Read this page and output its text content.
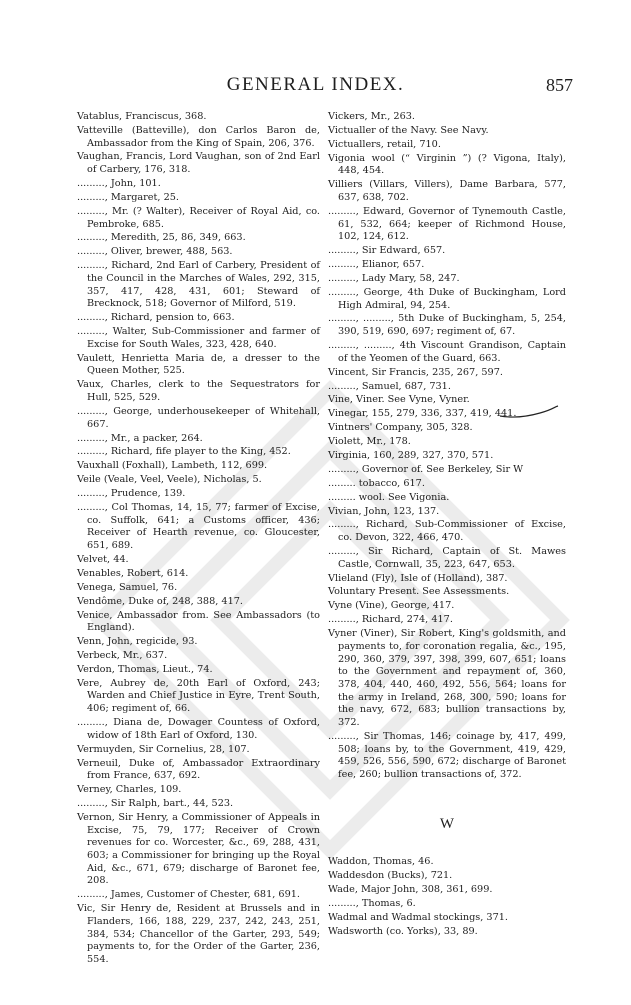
GENERAL INDEX.	857
Vatablus, Franciscus, 368.
Vatteville (Batteville), don Carlos Baron de, Ambassador from the King of Spain, 206, 376.
Vaughan, Francis, Lord Vaughan, son of 2nd Earl of Carbery, 176, 318.
........., John, 101.
........., Margaret, 25.
........., Mr. (? Walter), Receiver of Royal Aid, co. Pembroke, 685.
........., Meredith, 25, 86, 349, 663.
........., Oliver, brewer, 488, 563.
........., Richard, 2nd Earl of Carbery, President of the Council in the Marches of Wales, 292, 315, 357, 417, 428, 431, 601; Steward of Brecknock, 518; Governor of Milford, 519.
........., Richard, pension to, 663.
........., Walter, Sub-Commissioner and farmer of Excise for South Wales, 323, 428, 640.
Vaulett, Henrietta Maria de, a dresser to the Queen Mother, 525.
Vaux, Charles, clerk to the Sequestrators for Hull, 525, 529.
........., George, underhousekeeper of Whitehall, 667.
........., Mr., a packer, 264.
........., Richard, fife player to the King, 452.
Vauxhall (Foxhall), Lambeth, 112, 699.
Veile (Veale, Veel, Veele), Nicholas, 5.
........., Prudence, 139.
........., Col Thomas, 14, 15, 77; farmer of Excise, co. Suffolk, 641; a Customs officer, 436; Receiver of Hearth revenue, co. Gloucester, 651, 689.
Velvet, 44.
Venables, Robert, 614.
Venega, Samuel, 76.
Vendôme, Duke of, 248, 388, 417.
Venice, Ambassador from. See Ambassadors (to England).
Venn, John, regicide, 93.
Verbeck, Mr., 637.
Verdon, Thomas, Lieut., 74.
Vere, Aubrey de, 20th Earl of Oxford, 243; Warden and Chief Justice in Eyre, Trent South, 406; regiment of, 66.
........., Diana de, Dowager Countess of Oxford, widow of 18th Earl of Oxford, 130.
Vermuyden, Sir Cornelius, 28, 107.
Verneuil, Duke of, Ambassador Extraordinary from France, 637, 692.
Verney, Charles, 109.
........., Sir Ralph, bart., 44, 523.
Vernon, Sir Henry, a Commissioner of Appeals in Excise, 75, 79, 177; Receiver of Crown revenues for co. Worcester, &c., 69, 288, 431, 603; a Commissioner for bringing up the Royal Aid, &c., 671, 679; discharge of Baronet fee, 208.
........., James, Customer of Chester, 681, 691.
Vic, Sir Henry de, Resident at Brussels and in Flanders, 166, 188, 229, 237, 242, 243, 251, 384, 534; Chancellor of the Garter, 293, 549; payments to, for the Order of the Garter, 236, 554.
Vickers, Mr., 263.
Victualler of the Navy. See Navy.
Victuallers, retail, 710.
Vigonia wool (“ Virginin ”) (? Vigona, Italy), 448, 454.
Villiers (Villars, Villers), Dame Barbara, 577, 637, 638, 702.
........., Edward, Governor of Tynemouth Castle, 61, 532, 664; keeper of Richmond House, 102, 124, 612.
........., Sir Edward, 657.
........., Elianor, 657.
........., Lady Mary, 58, 247.
........., George, 4th Duke of Buckingham, Lord High Admiral, 94, 254.
........., ........., 5th Duke of Buckingham, 5, 254, 390, 519, 690, 697; regiment of, 67.
........., ........., 4th Viscount Grandison, Captain of the Yeomen of the Guard, 663.
Vincent, Sir Francis, 235, 267, 597.
........., Samuel, 687, 731.
Vine, Viner. See Vyne, Vyner.
Vinegar, 155, 279, 336, 337, 419, 441.
Vintners' Company, 305, 328.
Violett, Mr., 178.
Virginia, 160, 289, 327, 370, 571.
........., Governor of. See Berkeley, Sir W
......... tobacco, 617.
......... wool. See Vigonia.
Vivian, John, 123, 137.
........., Richard, Sub-Commissioner of Excise, co. Devon, 322, 466, 470.
........., Sir Richard, Captain of St. Mawes Castle, Cornwall, 35, 223, 647, 653.
Vlieland (Fly), Isle of (Holland), 387.
Voluntary Present. See Assessments.
Vyne (Vine), George, 417.
........., Richard, 274, 417.
Vyner (Viner), Sir Robert, King's goldsmith, and payments to, for coronation regalia, &c., 195, 290, 360, 379, 397, 398, 399, 607, 651; loans to the Government and repayment of, 360, 378, 404, 440, 460, 492, 556, 564; loans for the army in Ireland, 268, 300, 590; loans for the navy, 672, 683; bullion transactions by, 372.
........., Sir Thomas, 146; coinage by, 417, 499, 508; loans by, to the Government, 419, 429, 459, 526, 556, 590, 672; discharge of Baronet fee, 260; bullion transactions of, 372.
W
Waddon, Thomas, 46.
Waddesdon (Bucks), 721.
Wade, Major John, 308, 361, 699.
........., Thomas, 6.
Wadmal and Wadmal stockings, 371.
Wadsworth (co. Yorks), 33, 89.
